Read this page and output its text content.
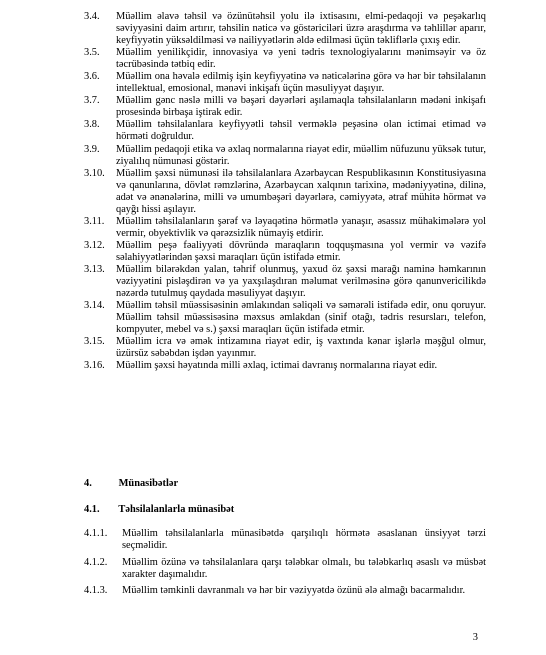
3.4.	Müəllim əlavə təhsil və özünütəhsil yolu ilə ixtisasını, elmi-pedaqoji və peşəkarlıq səviyyəsini daim artırır, təhsilin nəticə və göstəriciləri üzrə araşdırma və təhlillər aparır, keyfiyyətin yüksəldilməsi və nailiyyətlərin əldə edilməsi üçün təkliflərlə çıxış edir.
3.5.	Müəllim yenilikçidir, innovasiya və yeni tədris texnologiyalarını mənimsəyir və öz təcrübəsində tətbiq edir.
3.6.	Müəllim ona həvalə edilmiş işin keyfiyyətinə və nəticələrinə görə və hər bir təhsilalanın intellektual, emosional, mənəvi inkişafı üçün məsuliyyət daşıyır.
3.7.	Müəllim gənc nəslə milli və bəşəri dəyərləri aşılamaqla təhsilalanların mədəni inkişafı prosesində birbaşa iştirak edir.
3.8.	Müəllim təhsilalanlara keyfiyyətli təhsil verməklə peşəsinə olan ictimai etimad və hörməti doğruldur.
3.9.	Müəllim pedaqoji etika və əxlaq normalarına riayət edir, müəllim nüfuzunu yüksək tutur, ziyalılıq nümunəsi göstərir.
3.10.	Müəllim şəxsi nümunəsi ilə təhsilalanlara Azərbaycan Respublikasının Konstitusiyasına və qanunlarına, dövlət rəmzlərinə, Azərbaycan xalqının tarixinə, mədəniyyətinə, dilinə, adət və ənənələrinə, milli və umumbəşəri dəyərlərə, cəmiyyətə, ətraf mühitə hörmət və qayğı hissi aşılayır.
3.11.	Müəllim təhsilalanların şərəf və ləyaqətinə hörmətlə yanaşır, əsassız mühakimələrə yol vermir, obyektivlik və qərəzsizlik nümayiş etdirir.
3.12.	Müəllim peşə fəaliyyəti dövründə maraqların toqquşmasına yol vermir və vəzifə səlahiyyətlərindən şəxsi maraqları üçün istifadə etmir.
3.13.	Müəllim bilərəkdən yalan, təhrif olunmuş, yaxud öz şəxsi marağı naminə həmkarının vəziyyətini pisləşdirən və ya yaxşılaşdıran məlumat verilməsinə görə qanunvericilikdə nəzərdə tutulmuş qaydada məsuliyyət daşıyır.
3.14.	Müəllim təhsil müəssisəsinin əmlakından səliqəli və səmərəli istifadə edir, onu qoruyur. Müəllim təhsil müəssisəsinə məxsus əmlakdan (sinif otağı, tədris resursları, telefon, kompyuter, mebel və s.) şəxsi maraqları üçün istifadə etmir.
3.15.	Müəllim icra və əmək intizamına riayət edir, iş vaxtında kənar işlərlə məşğul olmur, üzürsüz səbəbdən işdən yayınmır.
3.16.	Müəllim şəxsi həyatında milli əxlaq, ictimai davranış normalarına riayət edir.
4.	Münasibətlər
4.1. Təhsilalanlarla münasibət
4.1.1.	Müəllim təhsilalanlarla münasibətdə qarşılıqlı hörmətə əsaslanan ünsiyyət tərzi seçməlidir.
4.1.2.	Müəllim özünə və təhsilalanlara qarşı tələbkar olmalı, bu tələbkarlıq əsaslı və müsbət xarakter daşımalıdır.
4.1.3.	Müəllim təmkinli davranmalı və hər bir vəziyyətdə özünü ələ almağı bacarmalıdır.
3
